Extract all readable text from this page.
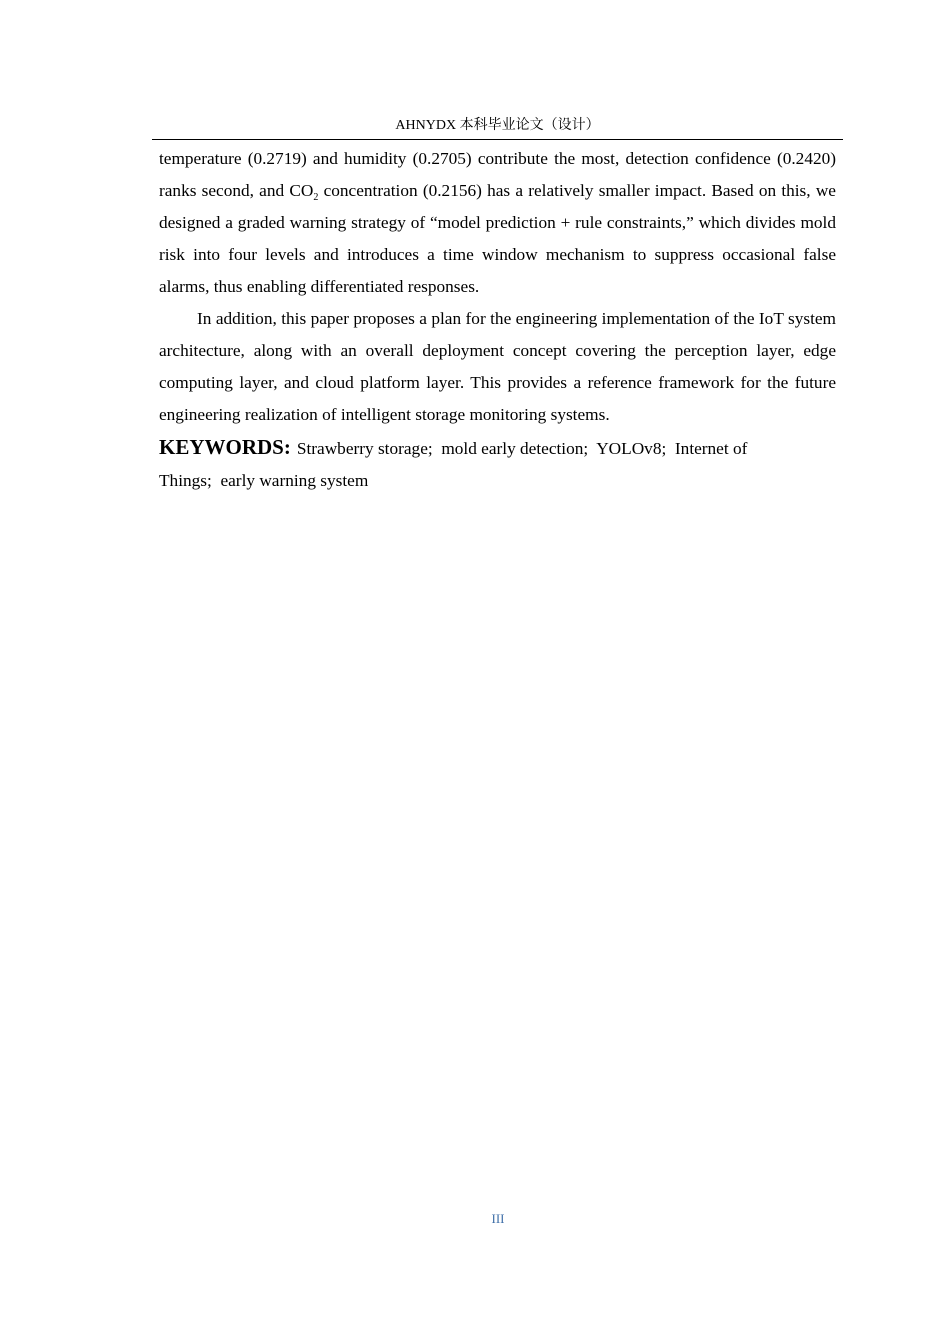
AHNYDX 本科毕业论文（设计）

temperature (0.2719) and humidity (0.2705) contribute the most, detection confidence (0.2420) ranks second, and $CO_2$ concentration (0.2156) has a relatively smaller impact. Based on this, we designed a graded warning strategy of “model prediction + rule constraints,” which divides mold risk into four levels and introduces a time window mechanism to suppress occasional false alarms, thus enabling differentiated responses.

In addition, this paper proposes a plan for the engineering implementation of the IoT system architecture, along with an overall deployment concept covering the perception layer, edge computing layer, and cloud platform layer. This provides a reference framework for the future engineering realization of intelligent storage monitoring systems.

KEYWORDS: Strawberry storage;  mold early detection;  YOLOv8;  Internet of Things;  early warning system

III
